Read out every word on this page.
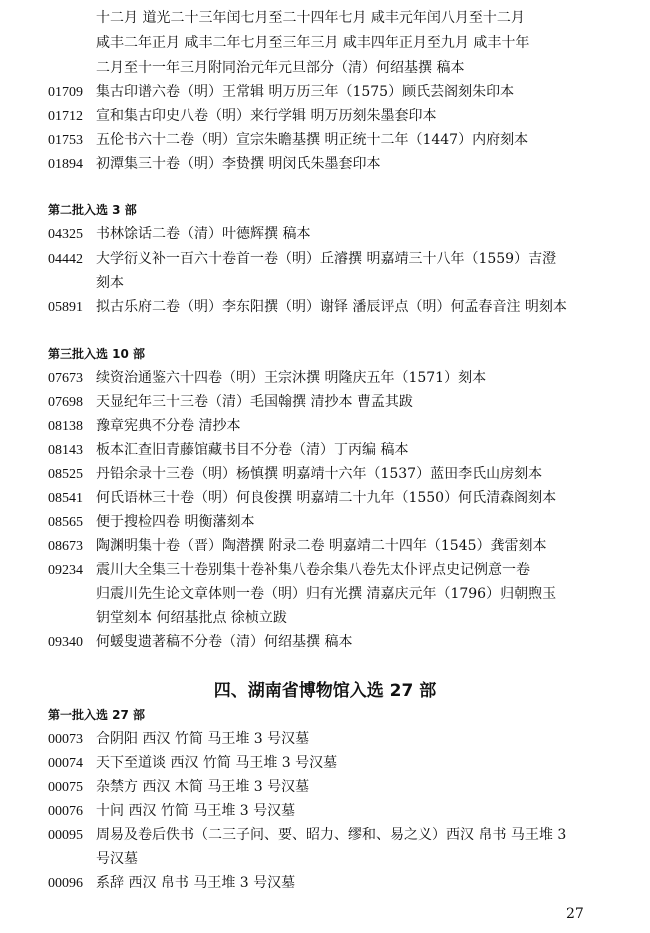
十二月 道光二十三年闰七月至二十四年七月 咸丰元年闰八月至十二月
咸丰二年正月 咸丰二年七月至三年三月 咸丰四年正月至九月 咸丰十年
二月至十一年三月附同治元年元旦部分（清）何绍基撰 稿本
01709 集古印谱六卷（明）王常辑 明万历三年（1575）顾氏芸阁刻朱印本
01712 宣和集古印史八卷（明）来行学辑 明万历刻朱墨套印本
01753 五伦书六十二卷（明）宣宗朱瞻基撰 明正统十二年（1447）内府刻本
01894 初潭集三十卷（明）李贽撰 明闵氏朱墨套印本
第二批入选 3 部
04325 书林馀话二卷（清）叶德辉撰 稿本
04442 大学衍义补一百六十卷首一卷（明）丘濬撰 明嘉靖三十八年（1559）吉澄
刻本
05891 拟古乐府二卷（明）李东阳撰（明）谢铎 潘辰评点（明）何孟春音注 明刻本
第三批入选 10 部
07673 续资治通鉴六十四卷（明）王宗沐撰 明隆庆五年（1571）刻本
07698 天显纪年三十三卷（清）毛国翰撰 清抄本 曹孟其跋
08138 豫章宪典不分卷 清抄本
08143 板本汇查旧青藤馆藏书目不分卷（清）丁丙编 稿本
08525 丹铅余录十三卷（明）杨慎撰 明嘉靖十六年（1537）蓝田李氏山房刻本
08541 何氏语林三十卷（明）何良俊撰 明嘉靖二十九年（1550）何氏清森阁刻本
08565 便于搜检四卷 明衡藩刻本
08673 陶渊明集十卷（晋）陶潜撰 附录二卷 明嘉靖二十四年（1545）龚雷刻本
09234 震川大全集三十卷别集十卷补集八卷余集八卷先太仆评点史记例意一卷
归震川先生论文章体则一卷（明）归有光撰 清嘉庆元年（1796）归朝煦玉
钥堂刻本 何绍基批点 徐桢立跋
09340 何蝯叟遗著稿不分卷（清）何绍基撰 稿本
四、湖南省博物馆入选 27 部
第一批入选 27 部
00073 合阴阳 西汉 竹简 马王堆 3 号汉墓
00074 天下至道谈 西汉 竹简 马王堆 3 号汉墓
00075 杂禁方 西汉 木简 马王堆 3 号汉墓
00076 十问 西汉 竹简 马王堆 3 号汉墓
00095 周易及卷后佚书（二三子问、要、昭力、缪和、易之义）西汉 帛书 马王堆 3
号汉墓
00096 系辞 西汉 帛书 马王堆 3 号汉墓
27
